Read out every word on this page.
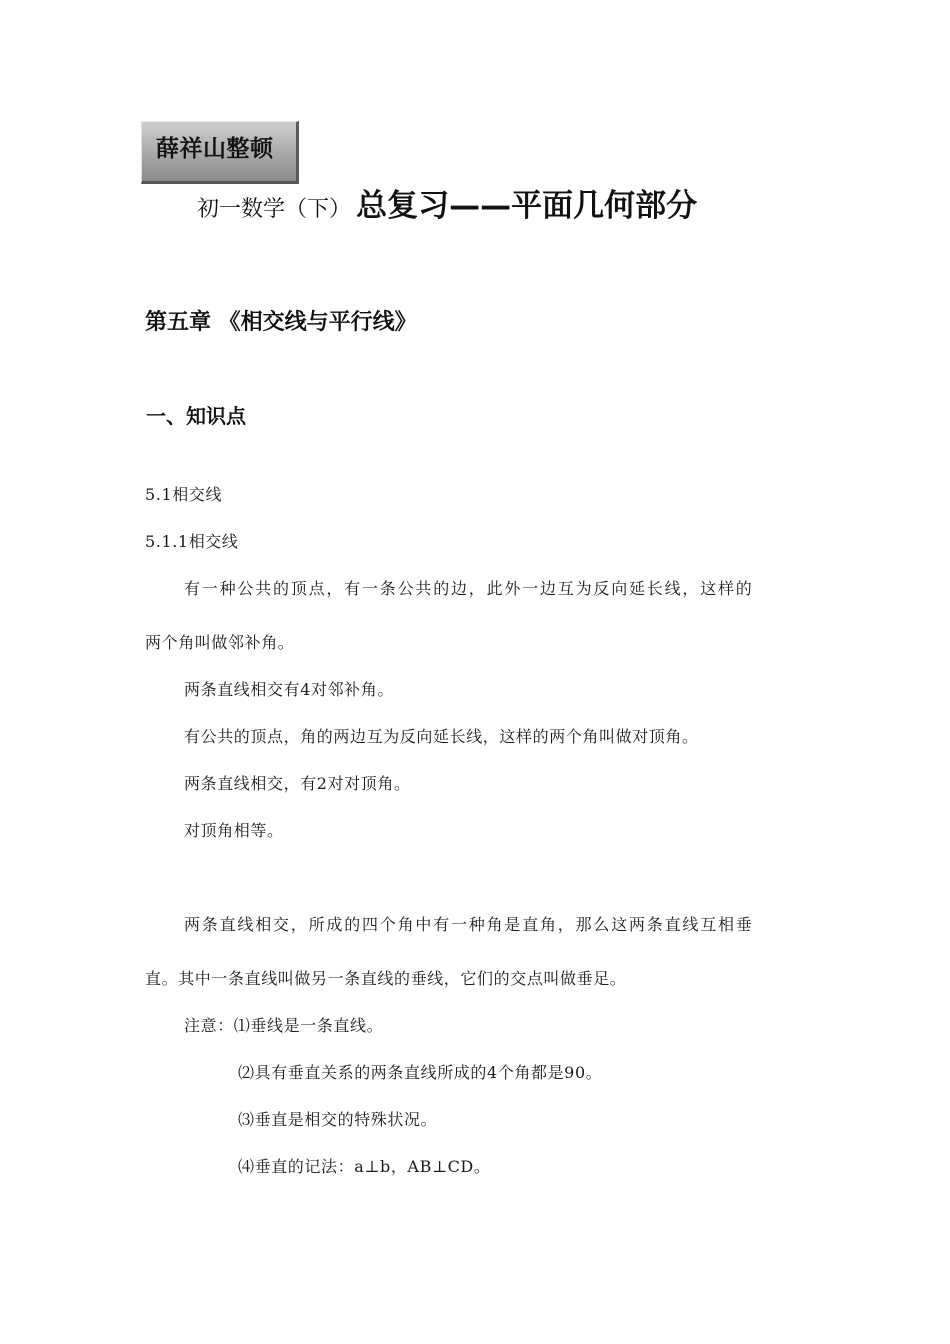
薛祥山整顿
初一数学（下） 总复习——平面几何部分
第五章 《相交线与平行线》
一、知识点
5.1相交线
5.1.1相交线
有一种公共的顶点，有一条公共的边，此外一边互为反向延长线，这样的
两个角叫做邻补角。
两条直线相交有4对邻补角。
有公共的顶点，角的两边互为反向延长线，这样的两个角叫做对顶角。
两条直线相交，有2对对顶角。
对顶角相等。
两条直线相交，所成的四个角中有一种角是直角，那么这两条直线互相垂
直。其中一条直线叫做另一条直线的垂线，它们的交点叫做垂足。
注意：⑴垂线是一条直线。
⑵具有垂直关系的两条直线所成的4个角都是90。
⑶垂直是相交的特殊状况。
⑷垂直的记法：a⊥b，AB⊥CD。
